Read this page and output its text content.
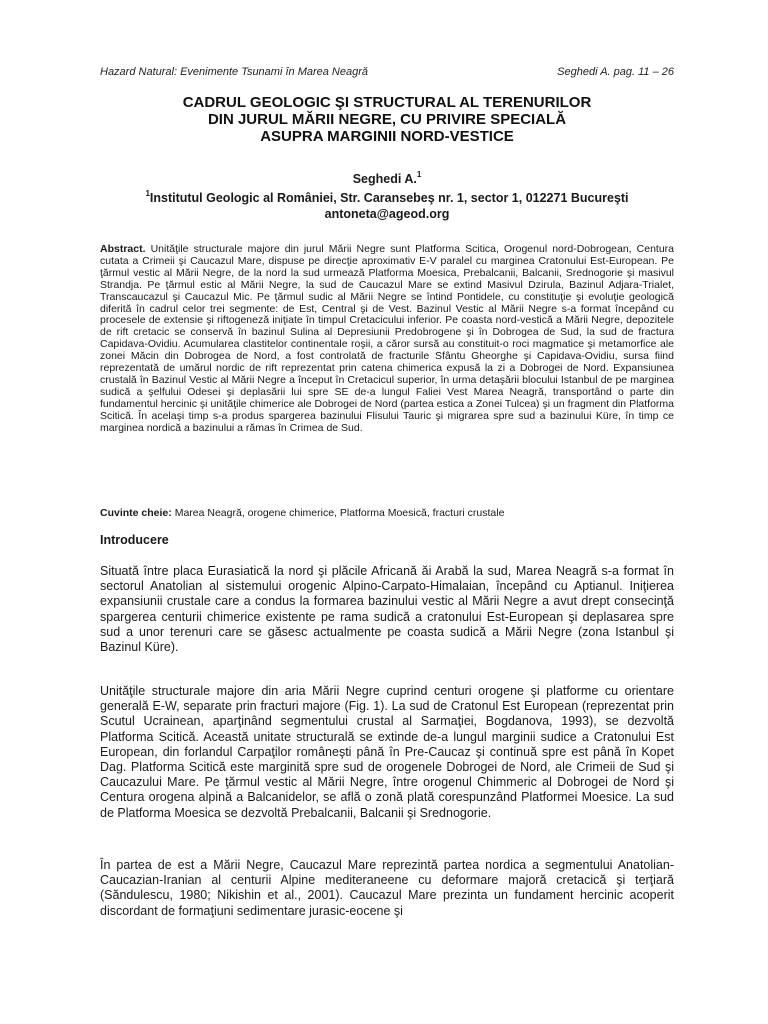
Hazard Natural: Evenimente Tsunami în Marea Neagră	Seghedi A. pag. 11 – 26
CADRUL GEOLOGIC ŞI STRUCTURAL AL TERENURILOR
DIN JURUL MĂRII NEGRE, CU PRIVIRE SPECIALĂ
ASUPRA MARGINII NORD-VESTICE
Seghedi A.$^1$
$^1$Institutul Geologic al României, Str. Caransebeş nr. 1, sector 1, 012271 Bucureşti
antoneta@ageod.org
Abstract. Unităţile structurale majore din jurul Mării Negre sunt Platforma Scitica, Orogenul nord-Dobrogean, Centura cutata a Crimeii şi Caucazul Mare, dispuse pe direcţie aproximativ E-V paralel cu marginea Cratonului Est-European. Pe ţărmul vestic al Mării Negre, de la nord la sud urmează Platforma Moesica, Prebalcanii, Balcanii, Srednogorie şi masivul Strandja. Pe ţărmul estic al Mării Negre, la sud de Caucazul Mare se extind Masivul Dzirula, Bazinul Adjara-Trialet, Transcaucazul şi Caucazul Mic. Pe ţărmul sudic al Mării Negre se întind Pontidele, cu constituţie şi evoluţie geologică diferită în cadrul celor trei segmente: de Est, Central şi de Vest. Bazinul Vestic al Mării Negre s-a format începând cu procesele de extensie şi riftogeneză iniţiate în timpul Cretacicului inferior. Pe coasta nord-vestică a Mării Negre, depozitele de rift cretacic se conservă în bazinul Sulina al Depresiunii Predobrogene şi în Dobrogea de Sud, la sud de fractura Capidava-Ovidiu. Acumularea clastitelor continentale roşii, a căror sursă au constituit-o roci magmatice şi metamorfice ale zonei Măcin din Dobrogea de Nord, a fost controlată de fracturile Sfântu Gheorghe şi Capidava-Ovidiu, sursa fiind reprezentată de umărul nordic de rift reprezentat prin catena chimerica expusă la zi a Dobrogei de Nord. Expansiunea crustală în Bazinul Vestic al Mării Negre a început în Cretacicul superior, în urma detaşării blocului Istanbul de pe marginea sudică a şelfului Odesei şi deplasării lui spre SE de-a lungul Faliei Vest Marea Neagră, transportând o parte din fundamentul hercinic şi unităţile chimerice ale Dobrogei de Nord (partea estica a Zonei Tulcea) şi un fragment din Platforma Scitică. În acelaşi timp s-a produs spargerea bazinului Flisului Tauric şi migrarea spre sud a bazinului Küre, în timp ce marginea nordică a bazinului a rămas în Crimea de Sud.
Cuvinte cheie: Marea Neagră, orogene chimerice, Platforma Moesică, fracturi crustale
Introducere

Situată între placa Eurasiatică la nord şi plăcile Africană ăi Arabă la sud, Marea Neagră s-a format în sectorul Anatolian al sistemului orogenic Alpino-Carpato-Himalaian, începând cu Aptianul. Iniţierea expansiunii crustale care a condus la formarea bazinului vestic al Mării Negre a avut drept consecinţă spargerea centurii chimerice existente pe rama sudică a cratonului Est-European şi deplasarea spre sud a unor terenuri care se găsesc actualmente pe coasta sudică a Mării Negre (zona Istanbul şi Bazinul Küre).

Unităţile structurale majore din aria Mării Negre cuprind centuri orogene şi platforme cu orientare generală E-W, separate prin fracturi majore (Fig. 1). La sud de Cratonul Est European (reprezentat prin Scutul Ucrainean, aparţinând segmentului crustal al Sarmaţiei, Bogdanova, 1993), se dezvoltă Platforma Scitică. Această unitate structurală se extinde de-a lungul marginii sudice a Cratonului Est European, din forlandul Carpaţilor româneşti până în Pre-Caucaz şi continuă spre est până în Kopet Dag. Platforma Scitică este marginită spre sud de orogenele Dobrogei de Nord, ale Crimeii de Sud şi Caucazului Mare. Pe ţărmul vestic al Mării Negre, între orogenul Chimmeric al Dobrogei de Nord şi Centura orogena alpină a Balcanidelor, se află o zonă plată corespunzând Platformei Moesice. La sud de Platforma Moesica se dezvoltă Prebalcanii, Balcanii şi Srednogorie.

În partea de est a Mării Negre, Caucazul Mare reprezintă partea nordica a segmentului Anatolian-Caucazian-Iranian al centurii Alpine mediteraneene cu deformare majoră cretacică şi terţiară (Săndulescu, 1980; Nikishin et al., 2001). Caucazul Mare prezinta un fundament hercinic acoperit discordant de formaţiuni sedimentare jurasic-eocene şi
